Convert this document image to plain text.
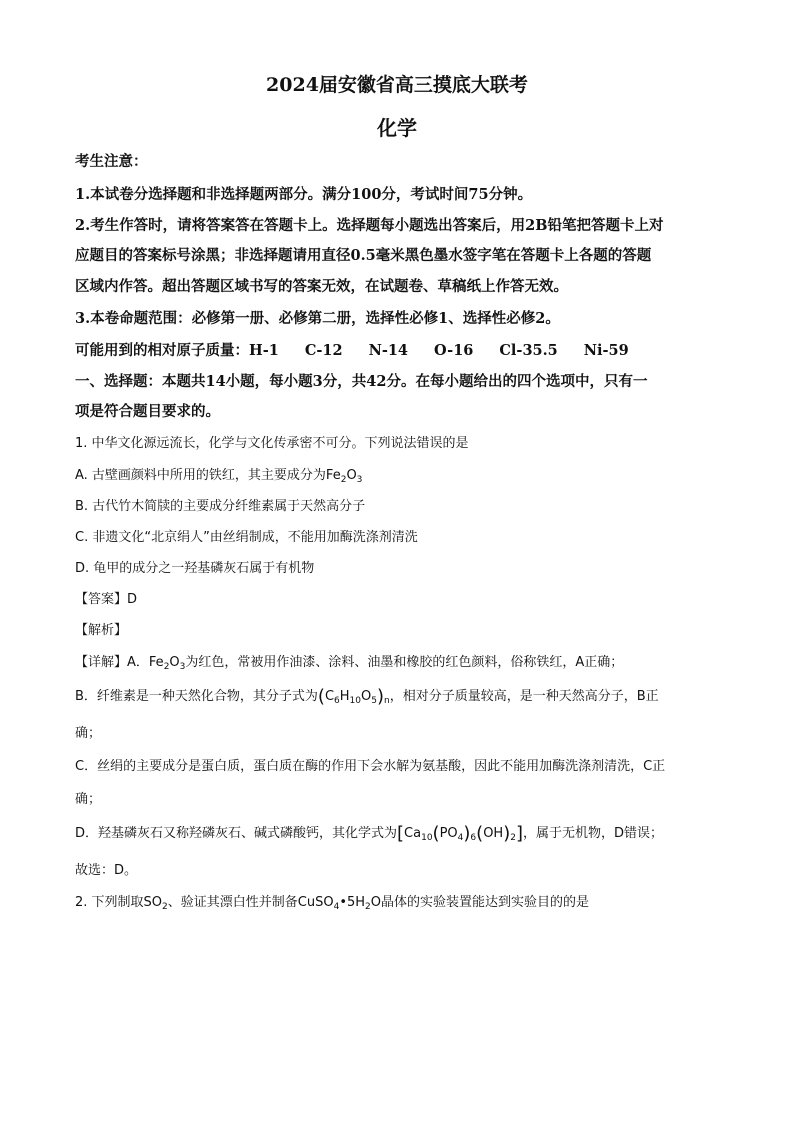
2024届安徽省高三摸底大联考
化学
考生注意：
1.本试卷分选择题和非选择题两部分。满分100分，考试时间75分钟。
2.考生作答时，请将答案答在答题卡上。选择题每小题选出答案后，用2B铅笔把答题卡上对
应题目的答案标号涂黑；非选择题请用直径0.5毫米黑色墨水签字笔在答题卡上各题的答题
区域内作答。超出答题区域书写的答案无效，在试题卷、草稿纸上作答无效。
3.本卷命题范围：必修第一册、必修第二册，选择性必修1、选择性必修2。
可能用到的相对原子质量：H-1 C-12 N-14 O-16 Cl-35.5 Ni-59
一、选择题：本题共14小题，每小题3分，共42分。在每小题给出的四个选项中，只有一
项是符合题目要求的。
1. 中华文化源远流长，化学与文化传承密不可分。下列说法错误的是
A. 古壁画颜料中所用的铁红，其主要成分为$Fe_2O_3$
B. 古代竹木简牍的主要成分纤维素属于天然高分子
C. 非遗文化“北京绢人”由丝绢制成，不能用加酶洗涤剂清洗
D. 龟甲的成分之一羟基磷灰石属于有机物
【答案】D
【解析】
【详解】A．$Fe_2O_3$为红色，常被用作油漆、涂料、油墨和橡胶的红色颜料，俗称铁红，A正确；
B．纤维素是一种天然化合物，其分子式为$(C_6H_{10}O_5)_n$，相对分子质量较高，是一种天然高分子，B正
确；
C．丝绢的主要成分是蛋白质，蛋白质在酶的作用下会水解为氨基酸，因此不能用加酶洗涤剂清洗，C正
确；
D．羟基磷灰石又称羟磷灰石、碱式磷酸钙，其化学式为$[Ca_{10}(PO_4)_6(OH)_2]$，属于无机物，D错误；
故选：D。
2. 下列制取$SO_2$、验证其漂白性并制备$CuSO_4•5H_2O$晶体的实验装置能达到实验目的的是
